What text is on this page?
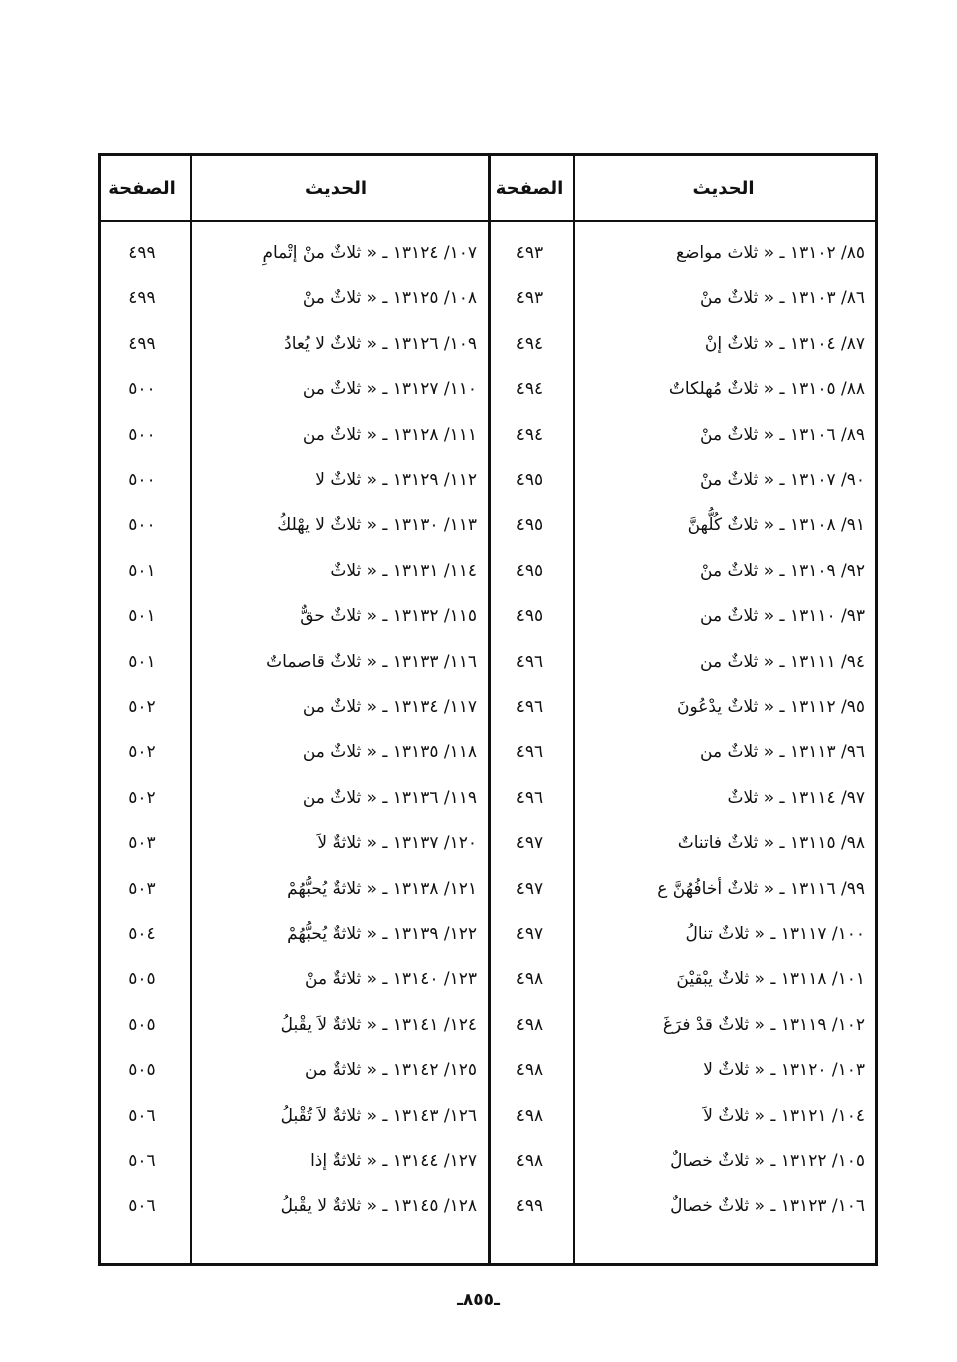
الحديث
الصفحة
الحديث
الصفحة
٨٥/ ١٣١٠٢ ـ « ثلاث مواضع
٤٩٣
٨٦/ ١٣١٠٣ ـ « ثلاثٌ منْ
٤٩٣
٨٧/ ١٣١٠٤ ـ « ثلاثٌ إنْ
٤٩٤
٨٨/ ١٣١٠٥ ـ « ثلاثٌ مُهلكاتٌ
٤٩٤
٨٩/ ١٣١٠٦ ـ « ثلاثٌ منْ
٤٩٤
٩٠/ ١٣١٠٧ ـ « ثلاثٌ منْ
٤٩٥
٩١/ ١٣١٠٨ ـ « ثلاثٌ كُلُّهنَّ
٤٩٥
٩٢/ ١٣١٠٩ ـ « ثلاثٌ منْ
٤٩٥
٩٣/ ١٣١١٠ ـ « ثلاثٌ من
٤٩٥
٩٤/ ١٣١١١ ـ « ثلاثٌ من
٤٩٦
٩٥/ ١٣١١٢ ـ « ثلاثٌ يدْعُونَ
٤٩٦
٩٦/ ١٣١١٣ ـ « ثلاثٌ من
٤٩٦
٩٧/ ١٣١١٤ ـ « ثلاثٌ
٤٩٦
٩٨/ ١٣١١٥ ـ « ثلاثٌ فاتناتٌ
٤٩٧
٩٩/ ١٣١١٦ ـ « ثلاثٌ أخافُهُنَّ ع
٤٩٧
١٠٠/ ١٣١١٧ ـ « ثلاثٌ تنالُ
٤٩٧
١٠١/ ١٣١١٨ ـ « ثلاثٌ يبْقيْنَ
٤٩٨
١٠٢/ ١٣١١٩ ـ « ثلاثٌ قدْ فرَغَ
٤٩٨
١٠٣/ ١٣١٢٠ ـ « ثلاثٌ لا
٤٩٨
١٠٤/ ١٣١٢١ ـ « ثلاثٌ لاَ
٤٩٨
١٠٥/ ١٣١٢٢ ـ « ثلاثٌ خصالٌ
٤٩٨
١٠٦/ ١٣١٢٣ ـ « ثلاثٌ خصالٌ
٤٩٩
١٠٧/ ١٣١٢٤ ـ « ثلاثٌ منْ إتْمامِ
٤٩٩
١٠٨/ ١٣١٢٥ ـ « ثلاثٌ منْ
٤٩٩
١٠٩/ ١٣١٢٦ ـ « ثلاثٌ لا يُعادُ
٤٩٩
١١٠/ ١٣١٢٧ ـ « ثلاثٌ من
٥٠٠
١١١/ ١٣١٢٨ ـ « ثلاثٌ من
٥٠٠
١١٢/ ١٣١٢٩ ـ « ثلاثٌ لا
٥٠٠
١١٣/ ١٣١٣٠ ـ « ثلاثٌ لا يهْلكُ
٥٠٠
١١٤/ ١٣١٣١ ـ « ثلاثٌ
٥٠١
١١٥/ ١٣١٣٢ ـ « ثلاثٌ حقٌّ
٥٠١
١١٦/ ١٣١٣٣ ـ « ثلاثٌ قاصماتٌ
٥٠١
١١٧/ ١٣١٣٤ ـ « ثلاثٌ من
٥٠٢
١١٨/ ١٣١٣٥ ـ « ثلاثٌ من
٥٠٢
١١٩/ ١٣١٣٦ ـ « ثلاثٌ من
٥٠٢
١٢٠/ ١٣١٣٧ ـ « ثلاثةٌ لاَ
٥٠٣
١٢١/ ١٣١٣٨ ـ « ثلاثةٌ يُحبُّهُمْ
٥٠٣
١٢٢/ ١٣١٣٩ ـ « ثلاثةٌ يُحبُّهُمْ
٥٠٤
١٢٣/ ١٣١٤٠ ـ « ثلاثةٌ منْ
٥٠٥
١٢٤/ ١٣١٤١ ـ « ثلاثةٌ لاَ يقْبلُ
٥٠٥
١٢٥/ ١٣١٤٢ ـ « ثلاثةٌ من
٥٠٥
١٢٦/ ١٣١٤٣ ـ « ثلاثةٌ لاَ تُقْبلُ
٥٠٦
١٢٧/ ١٣١٤٤ ـ « ثلاثةٌ إذا
٥٠٦
١٢٨/ ١٣١٤٥ ـ « ثلاثةٌ لا يقْبلُ
٥٠٦
ـ٨٥٥ـ
